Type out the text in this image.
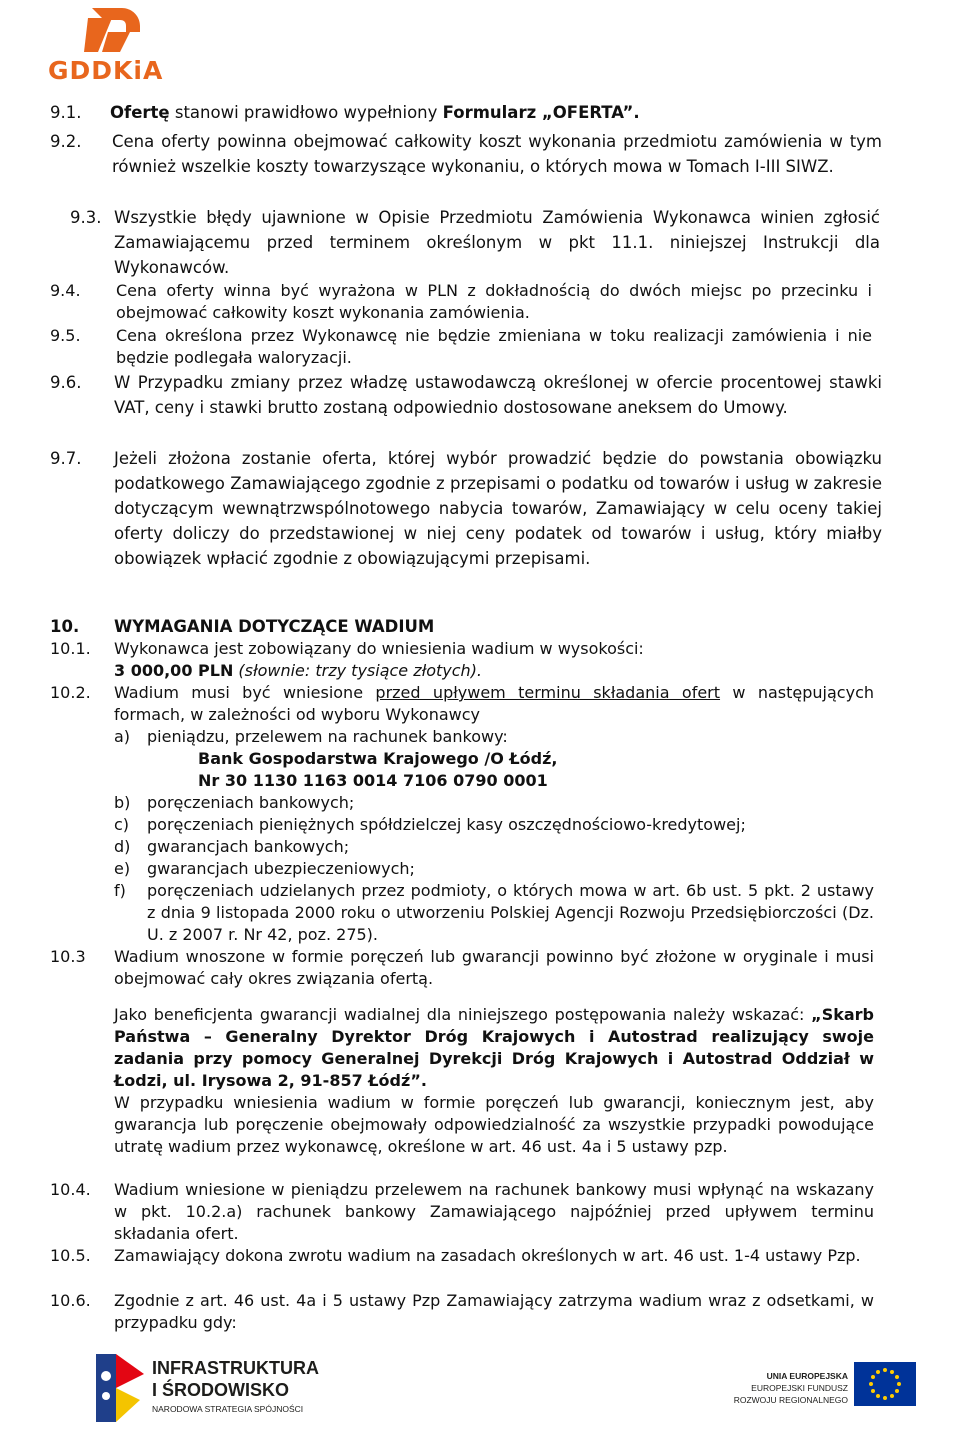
GDDKiA
9.1. Ofertę stanowi prawidłowo wypełniony Formularz „OFERTA”.
9.2. Cena oferty powinna obejmować całkowity koszt wykonania przedmiotu zamówienia w tym również wszelkie koszty towarzyszące wykonaniu, o których mowa w Tomach I-III SIWZ.
9.3. Wszystkie błędy ujawnione w Opisie Przedmiotu Zamówienia Wykonawca winien zgłosić Zamawiającemu przed terminem określonym w pkt 11.1. niniejszej Instrukcji dla Wykonawców.
9.4. Cena oferty winna być wyrażona w PLN z dokładnością do dwóch miejsc po przecinku i obejmować całkowity koszt wykonania zamówienia.
9.5. Cena określona przez Wykonawcę nie będzie zmieniana w toku realizacji zamówienia i nie będzie podlegała waloryzacji.
9.6. W Przypadku zmiany przez władzę ustawodawczą określonej w ofercie procentowej stawki VAT, ceny i stawki brutto zostaną odpowiednio dostosowane aneksem do Umowy.
9.7. Jeżeli złożona zostanie oferta, której wybór prowadzić będzie do powstania obowiązku podatkowego Zamawiającego zgodnie z przepisami o podatku od towarów i usług w zakresie dotyczącym wewnątrzwspólnotowego nabycia towarów, Zamawiający w celu oceny takiej oferty doliczy do przedstawionej w niej ceny podatek od towarów i usług, który miałby obowiązek wpłacić zgodnie z obowiązującymi przepisami.
10. WYMAGANIA DOTYCZĄCE WADIUM
10.1. Wykonawca jest zobowiązany do wniesienia wadium w wysokości:
3 000,00 PLN (słownie: trzy tysiące złotych).
10.2. Wadium musi być wniesione przed upływem terminu składania ofert w następujących formach, w zależności od wyboru Wykonawcy
a)	pieniądzu, przelewem na rachunek bankowy:
Bank Gospodarstwa Krajowego /O Łódź,
Nr 30 1130 1163 0014 7106 0790 0001
b)	poręczeniach bankowych;
c)	poręczeniach pieniężnych spółdzielczej kasy oszczędnościowo-kredytowej;
d)	gwarancjach bankowych;
e)	gwarancjach ubezpieczeniowych;
f)	poręczeniach udzielanych przez podmioty, o których mowa w art. 6b ust. 5 pkt. 2 ustawy z dnia 9 listopada 2000 roku o utworzeniu Polskiej Agencji Rozwoju Przedsiębiorczości (Dz. U. z 2007 r. Nr 42, poz. 275).
10.3 Wadium wnoszone w formie poręczeń lub gwarancji powinno być złożone w oryginale i musi obejmować cały okres związania ofertą.
Jako beneficjenta gwarancji wadialnej dla niniejszego postępowania należy wskazać: „Skarb Państwa – Generalny Dyrektor Dróg Krajowych i Autostrad realizujący swoje zadania przy pomocy Generalnej Dyrekcji Dróg Krajowych i Autostrad Oddział w Łodzi, ul. Irysowa 2, 91-857 Łódź”.
W przypadku wniesienia wadium w formie poręczeń lub gwarancji, koniecznym jest, aby gwarancja lub poręczenie obejmowały odpowiedzialność za wszystkie przypadki powodujące utratę wadium przez wykonawcę, określone w art. 46 ust. 4a i 5 ustawy pzp.
10.4. Wadium wniesione w pieniądzu przelewem na rachunek bankowy musi wpłynąć na wskazany w pkt. 10.2.a) rachunek bankowy Zamawiającego najpóźniej przed upływem terminu składania ofert.
10.5. Zamawiający dokona zwrotu wadium na zasadach określonych w art. 46 ust. 1-4 ustawy Pzp.
10.6. Zgodnie z art. 46 ust. 4a i 5 ustawy Pzp Zamawiający zatrzyma wadium wraz z odsetkami, w przypadku gdy:
INFRASTRUKTURA
I ŚRODOWISKO
NARODOWA STRATEGIA SPÓJNOŚCI
UNIA EUROPEJSKA
EUROPEJSKI FUNDUSZ
ROZWOJU REGIONALNEGO
